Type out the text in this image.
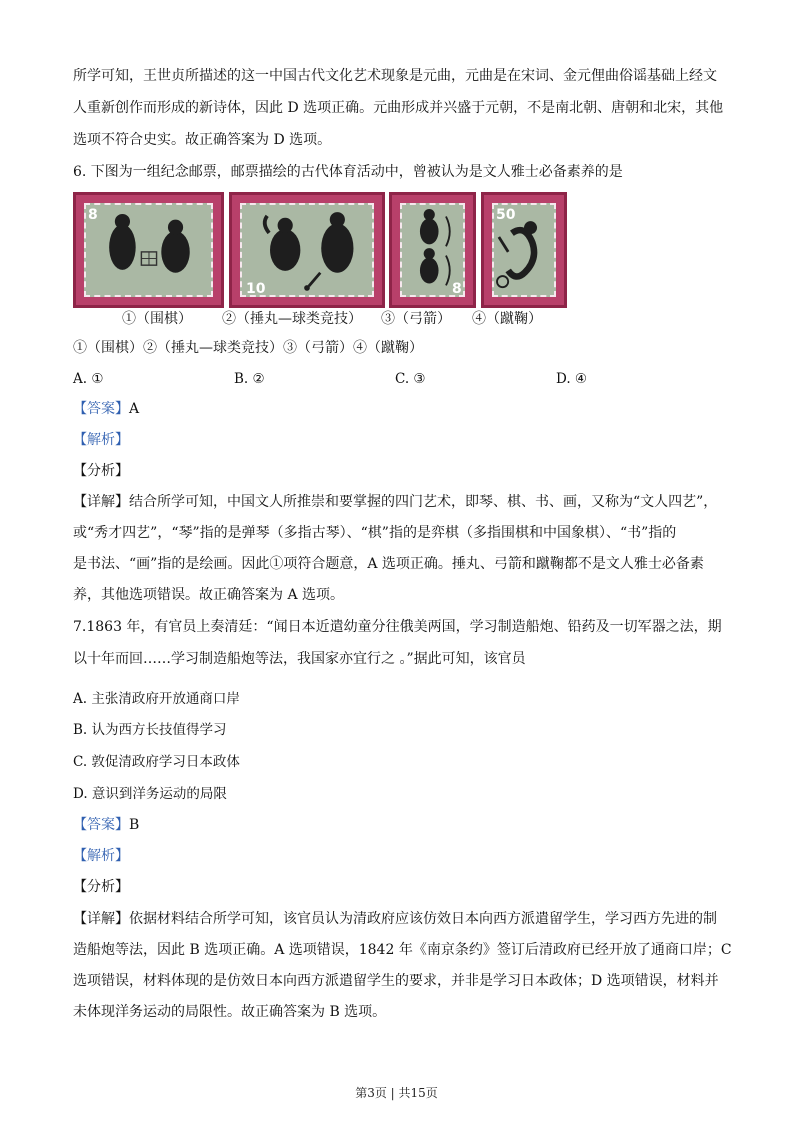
所学可知，王世贞所描述的这一中国古代文化艺术现象是元曲，元曲是在宋词、金元俚曲俗谣基础上经文
人重新创作而形成的新诗体，因此 D 选项正确。元曲形成并兴盛于元朝，不是南北朝、唐朝和北宋，其他
选项不符合史实。故正确答案为 D 选项。
6. 下图为一组纪念邮票，邮票描绘的古代体育活动中，曾被认为是文人雅士必备素养的是
8
10	8
50
①（围棋） ②（捶丸—球类竞技） ③（弓箭） ④（蹴鞠）
①（围棋）②（捶丸—球类竞技）③（弓箭）④（蹴鞠）
A. ①	B. ②	C. ③	D. ④
【答案】A
【解析】
【分析】
【详解】结合所学可知，中国文人所推崇和要掌握的四门艺术，即琴、棋、书、画，又称为“文人四艺”，
或“秀才四艺”，“琴”指的是弹琴（多指古琴）、“棋”指的是弈棋（多指围棋和中国象棋）、“书”指的
是书法、“画”指的是绘画。因此①项符合题意，A 选项正确。捶丸、弓箭和蹴鞠都不是文人雅士必备素
养，其他选项错误。故正确答案为 A 选项。
7.1863 年，有官员上奏清廷：“闻日本近遣幼童分往俄美两国，学习制造船炮、铅药及一切军器之法，期
以十年而回……学习制造船炮等法，我国家亦宜行之 。”据此可知，该官员
A. 主张清政府开放通商口岸
B. 认为西方长技值得学习
C. 敦促清政府学习日本政体
D. 意识到洋务运动的局限
【答案】B
【解析】
【分析】
【详解】依据材料结合所学可知，该官员认为清政府应该仿效日本向西方派遣留学生，学习西方先进的制
造船炮等法，因此 B 选项正确。A 选项错误，1842 年《南京条约》签订后清政府已经开放了通商口岸；C
选项错误，材料体现的是仿效日本向西方派遣留学生的要求，并非是学习日本政体；D 选项错误，材料并
未体现洋务运动的局限性。故正确答案为 B 选项。
第3页 | 共15页
